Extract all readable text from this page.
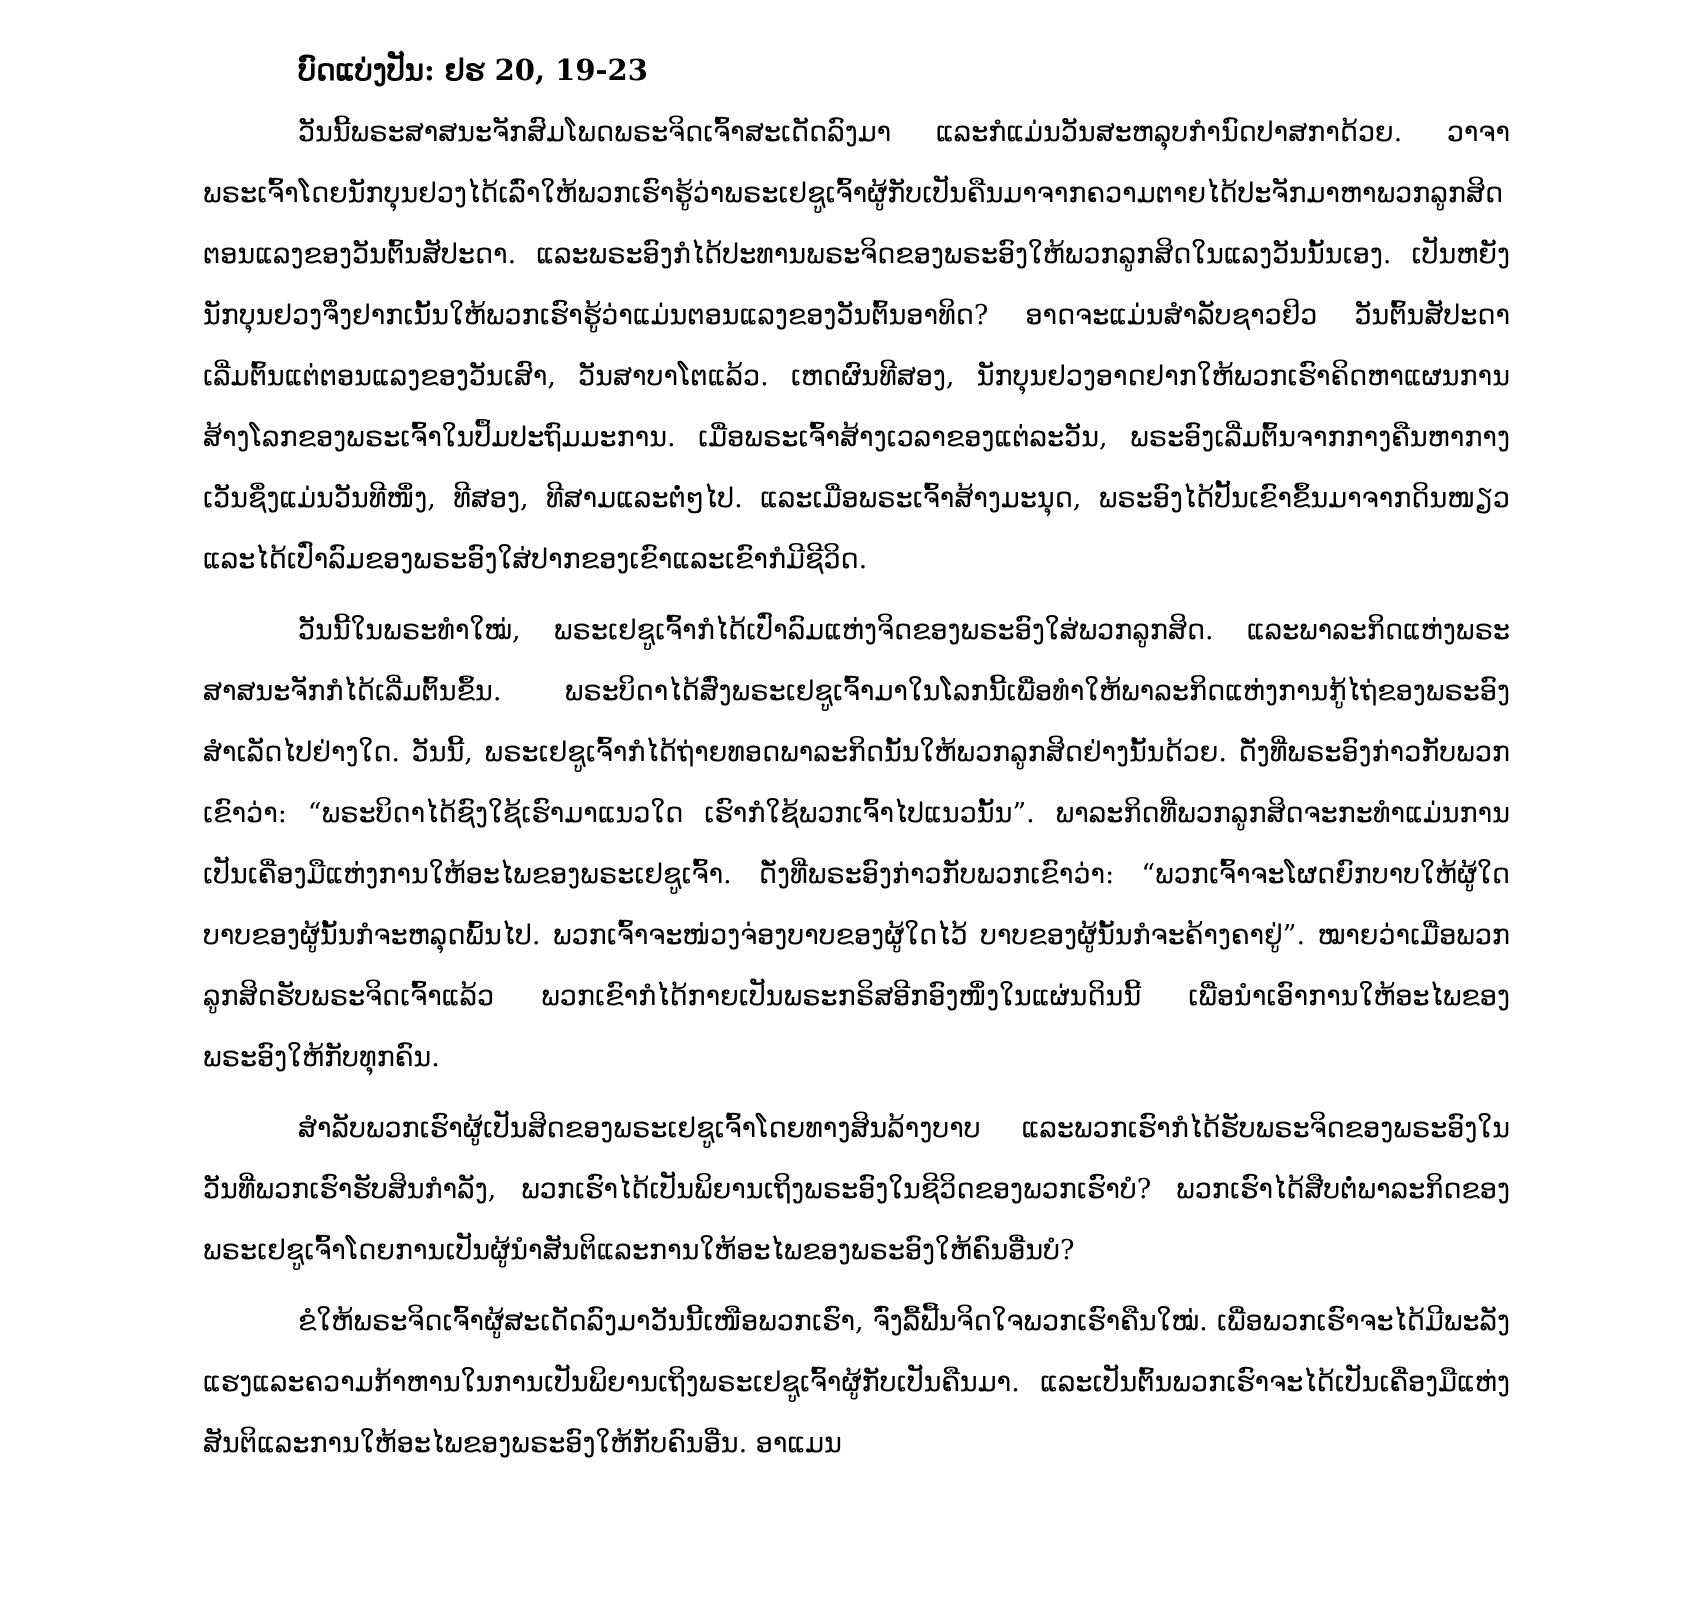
ບົດແບ່ງປັນ: ຢຮ 20, 19-23

ວັນນີ້ພຣະສາສນະຈັກສົມໂພດພຣະຈິດເຈົ້າສະເດັດລົງມາ ແລະກໍແມ່ນວັນສະຫລຸບກຳນົດປາສກາດ້ວຍ. ວາຈາພຣະເຈົ້າໂດຍນັກບຸນຢວງໄດ້ເລົ່າໃຫ້ພວກເຮົາຮູ້ວ່າພຣະເຢຊູເຈົ້າຜູ້ກັບເປັນຄືນມາຈາກຄວາມຕາຍໄດ້ປະຈັກມາຫາພວກລູກສິດຕອນແລງຂອງວັນຕົ້ນສັປະດາ. ແລະພຣະອົງກໍໄດ້ປະທານພຣະຈິດຂອງພຣະອົງໃຫ້ພວກລູກສິດໃນແລງວັນນັ້ນເອງ. ເປັນຫຍັງນັກບຸນຢວງຈຶ່ງຢາກເນັ້ນໃຫ້ພວກເຮົາຮູ້ວ່າແມ່ນຕອນແລງຂອງວັນຕົ້ນອາທິດ? ອາດຈະແມ່ນສຳລັບຊາວຢິວ ວັນຕົ້ນສັປະດາເລີ່ມຕົ້ນແຕ່ຕອນແລງຂອງວັນເສົາ, ວັນສາບາໂຕແລ້ວ. ເຫດຜົນທີສອງ, ນັກບຸນຢວງອາດຢາກໃຫ້ພວກເຮົາຄິດຫາແຜນການສ້າງໂລກຂອງພຣະເຈົ້າໃນປຶ້ມປະຖົມມະການ. ເມື່ອພຣະເຈົ້າສ້າງເວລາຂອງແຕ່ລະວັນ, ພຣະອົງເລີ່ມຕົ້ນຈາກກາງຄືນຫາກາງເວັນຊຶ່ງແມ່ນວັນທີໜຶ່ງ, ທີສອງ, ທີສາມແລະຕໍ່ໆໄປ. ແລະເມື່ອພຣະເຈົ້າສ້າງມະນຸດ, ພຣະອົງໄດ້ປັ້ນເຂົາຂຶ້ນມາຈາກດິນໜຽວແລະໄດ້ເປົ່າລົມຂອງພຣະອົງໃສ່ປາກຂອງເຂົາແລະເຂົາກໍມີຊີວິດ.

ວັນນີ້ໃນພຣະທຳໃໝ່, ພຣະເຢຊູເຈົ້າກໍໄດ້ເປົ່າລົມແຫ່ງຈິດຂອງພຣະອົງໃສ່ພວກລູກສິດ. ແລະພາລະກິດແຫ່ງພຣະສາສນະຈັກກໍໄດ້ເລີ່ມຕົ້ນຂຶ້ນ. ພຣະບິດາໄດ້ສົ່ງພຣະເຢຊູເຈົ້າມາໃນໂລກນີ້ເພື່ອທຳໃຫ້ພາລະກິດແຫ່ງການກູ້ໄຖ່ຂອງພຣະອົງສຳເລັດໄປຢ່າງໃດ. ວັນນີ້, ພຣະເຢຊູເຈົ້າກໍໄດ້ຖ່າຍທອດພາລະກິດນັ້ນໃຫ້ພວກລູກສິດຢ່າງນັ້ນດ້ວຍ. ດັ່ງທີ່ພຣະອົງກ່າວກັບພວກເຂົາວ່າ: “ພຣະບິດາໄດ້ຊົງໃຊ້ເຮົາມາແນວໃດ ເຮົາກໍໃຊ້ພວກເຈົ້າໄປແນວນັ້ນ”. ພາລະກິດທີ່ພວກລູກສິດຈະກະທຳແມ່ນການເປັນເຄື່ອງມືແຫ່ງການໃຫ້ອະໄພຂອງພຣະເຢຊູເຈົ້າ. ດັ່ງທີ່ພຣະອົງກ່າວກັບພວກເຂົາວ່າ: “ພວກເຈົ້າຈະໂຜດຍົກບາບໃຫ້ຜູ້ໃດ ບາບຂອງຜູ້ນັ້ນກໍຈະຫລຸດພົ້ນໄປ. ພວກເຈົ້າຈະໜ່ວງຈ່ອງບາບຂອງຜູ້ໃດໄວ້ ບາບຂອງຜູ້ນັ້ນກໍຈະຄ້າງຄາຢູ່”. ໝາຍວ່າເມື່ອພວກລູກສິດຮັບພຣະຈິດເຈົ້າແລ້ວ ພວກເຂົາກໍໄດ້ກາຍເປັນພຣະກຣິສອີກອົງໜຶ່ງໃນແຜ່ນດິນນີ້ ເພື່ອນຳເອົາການໃຫ້ອະໄພຂອງພຣະອົງໃຫ້ກັບທຸກຄົນ.

ສຳລັບພວກເຮົາຜູ້ເປັນສິດຂອງພຣະເຢຊູເຈົ້າໂດຍທາງສິນລ້າງບາບ ແລະພວກເຮົາກໍໄດ້ຮັບພຣະຈິດຂອງພຣະອົງໃນວັນທີ່ພວກເຮົາຮັບສິນກຳລັງ, ພວກເຮົາໄດ້ເປັນພິຍານເຖິງພຣະອົງໃນຊີວິດຂອງພວກເຮົາບໍ? ພວກເຮົາໄດ້ສືບຕໍ່ພາລະກິດຂອງພຣະເຢຊູເຈົ້າໂດຍການເປັນຜູ້ນຳສັນຕິແລະການໃຫ້ອະໄພຂອງພຣະອົງໃຫ້ຄົນອື່ນບໍ?

ຂໍໃຫ້ພຣະຈິດເຈົ້າຜູ້ສະເດັດລົງມາວັນນີ້ເໜືອພວກເຮົາ, ຈົ່ງລື້ຟື້ນຈິດໃຈພວກເຮົາຄືນໃໝ່. ເພື່ອພວກເຮົາຈະໄດ້ມີພະລັງແຮງແລະຄວາມກ້າຫານໃນການເປັນພິຍານເຖິງພຣະເຢຊູເຈົ້າຜູ້ກັບເປັນຄືນມາ. ແລະເປັນຕົ້ນພວກເຮົາຈະໄດ້ເປັນເຄື່ອງມືແຫ່ງສັນຕິແລະການໃຫ້ອະໄພຂອງພຣະອົງໃຫ້ກັບຄົນອື່ນ. ອາແມນ
